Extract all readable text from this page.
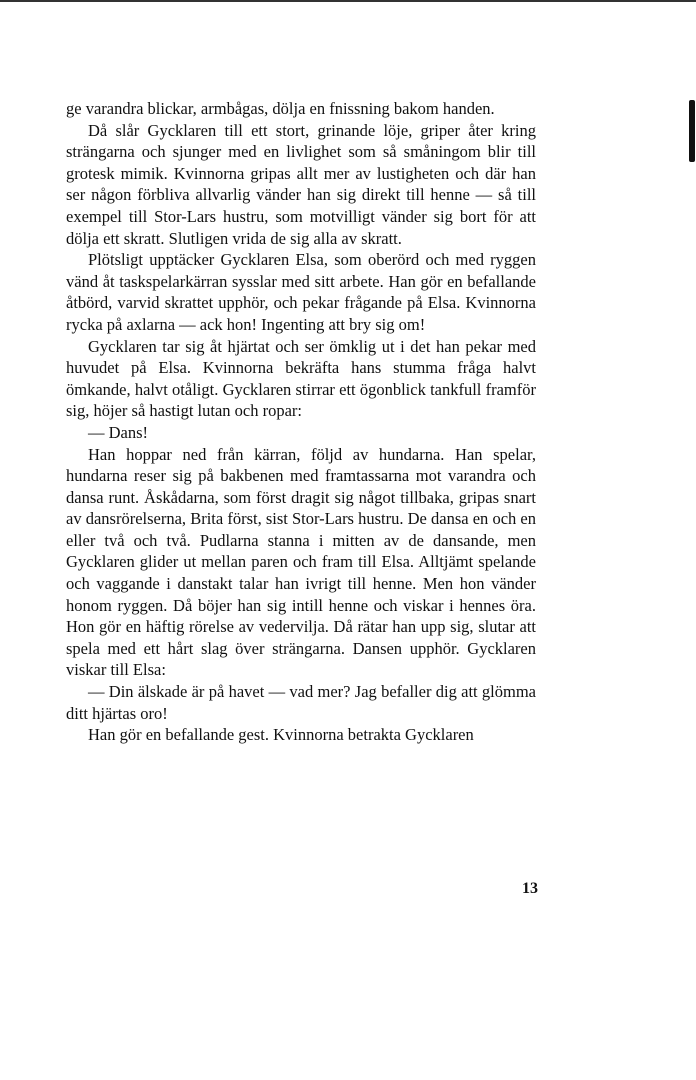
ge varandra blickar, armbågas, dölja en fnissning bakom handen.

Då slår Gycklaren till ett stort, grinande löje, griper åter kring strängarna och sjunger med en livlighet som så småningom blir till grotesk mimik. Kvinnorna gripas allt mer av lustigheten och där han ser någon förbliva allvarlig vänder han sig direkt till henne — så till exempel till Stor-Lars hustru, som motvilligt vänder sig bort för att dölja ett skratt. Slutligen vrida de sig alla av skratt.

Plötsligt upptäcker Gycklaren Elsa, som oberörd och med ryggen vänd åt taskspelarkärran sysslar med sitt arbete. Han gör en befallande åtbörd, varvid skrattet upphör, och pekar frågande på Elsa. Kvinnorna rycka på axlarna — ack hon! Ingenting att bry sig om!

Gycklaren tar sig åt hjärtat och ser ömklig ut i det han pekar med huvudet på Elsa. Kvinnorna bekräfta hans stumma fråga halvt ömkande, halvt otåligt. Gycklaren stirrar ett ögonblick tankfull framför sig, höjer så hastigt lutan och ropar:

— Dans!

Han hoppar ned från kärran, följd av hundarna. Han spelar, hundarna reser sig på bakbenen med framtassarna mot varandra och dansa runt. Åskådarna, som först dragit sig något tillbaka, gripas snart av dansrörelserna, Brita först, sist Stor-Lars hustru. De dansa en och en eller två och två. Pudlarna stanna i mitten av de dansande, men Gycklaren glider ut mellan paren och fram till Elsa. Alltjämt spelande och vaggande i danstakt talar han ivrigt till henne. Men hon vänder honom ryggen. Då böjer han sig intill henne och viskar i hennes öra. Hon gör en häftig rörelse av vedervilja. Då rätar han upp sig, slutar att spela med ett hårt slag över strängarna. Dansen upphör. Gycklaren viskar till Elsa:

— Din älskade är på havet — vad mer? Jag befaller dig att glömma ditt hjärtas oro!

Han gör en befallande gest. Kvinnorna betrakta Gycklaren

13
